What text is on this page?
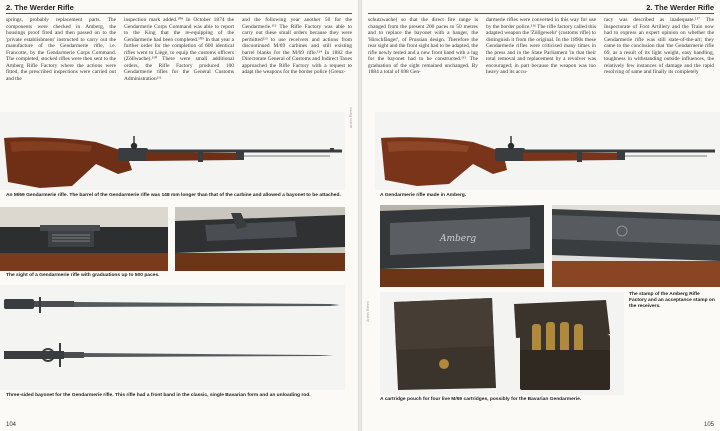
2. The Werder Rifle

springs, probably replacement parts. The components were checked in Amberg, the housings proof fired and then passed on to the 'private establishment' instructed to carry out the manufacture of the Gendarmerie rifle, i.e. Francotte, by the Gendarmerie Corps Command. The completed, stocked rifles were then sent to the Amberg Rifle Factory where the actions were fitted, the prescribed inspections were carried out and the

inspection mark added.¹⁰⁸ In October 1874 the Gendarmerie Corps Command was able to report to the King that the re-equipping of the Gendarmerie had been completed.¹⁰⁹ In that year a further order for the completion of 600 identical rifles went to Liège, to equip the customs officers (Zöllwache).¹¹⁰ There were small additional orders, the Rifle Factory produced 100 Gendarmerie rifles for the General Customs Administration¹¹¹

and the following year another 50 for the Gendarmerie.¹¹² The Rifle Factory was able to carry out these small orders because they were permitted¹¹³ to use receivers and actions from discontinued M/69 carbines and still existing barrel blanks for the M/69 rifle.¹¹⁴ In 1882 the Directorate General of Customs and Indirect Taxes approached the Rifle Factory with a request to adapt the weapons for the border police (Grenz-

Archiv Rehm
An M/69 Gendarmerie rifle. The barrel of the Gendarmerie rifle was 148 mm longer than that of the carbine and allowed a bayonet to be attached.
The sight of a Gendarmerie rifle with graduations up to 500 paces.
Three-sided bayonet for the Gendarmerie rifle. This rifle had a front band in the classic, single Bavarian form and an unloading rod.
104
2. The Werder Rifle

schutzwache) so that the direct fire range is changed from the present 200 paces to 50 metres and to replace the bayonet with a hanger, the 'Hirschfänger', of Prussian design. Therefore the rear sight and the front sight had to be adapted, the rifle newly tested and a new front band with a lug for the bayonet had to be constructed.¹¹⁵ The graduation of the sight remained unchanged. By 1884 a total of 698 Gen-

darmerie rifles were converted in this way for use by the border police.¹¹⁶ The rifle factory called this adapted weapon the 'Zöllgewehr' (customs rifle) to distinguish it from the original. In the 1890s these Gendarmerie rifles were criticised many times in the press and in the State Parliament 'in that their total removal and replacement by a revolver was encouraged; in part because the weapon was too heavy and its accu-

racy was described as inadequate.¹¹⁷ The Inspectorate of Foot Artillery and the Train now had to express an expert opinion on whether the Gendarmerie rifle was still state-of-the-art; they came to the conclusion that 'the Gendarmerie rifle 69, as a result of its light weight, easy handling, toughness in withstanding outside influences, the relatively few instances of damage and the rapid resolving of same and finally its completely

A Gendarmerie rifle made in Amberg.
Amberg
The stamp of the Amberg Rifle Factory and an acceptance stamp on the receivers.
A cartridge pouch for four live M/69 cartridges, possibly for the Bavarian Gendarmerie.
Archiv Rehm
105
